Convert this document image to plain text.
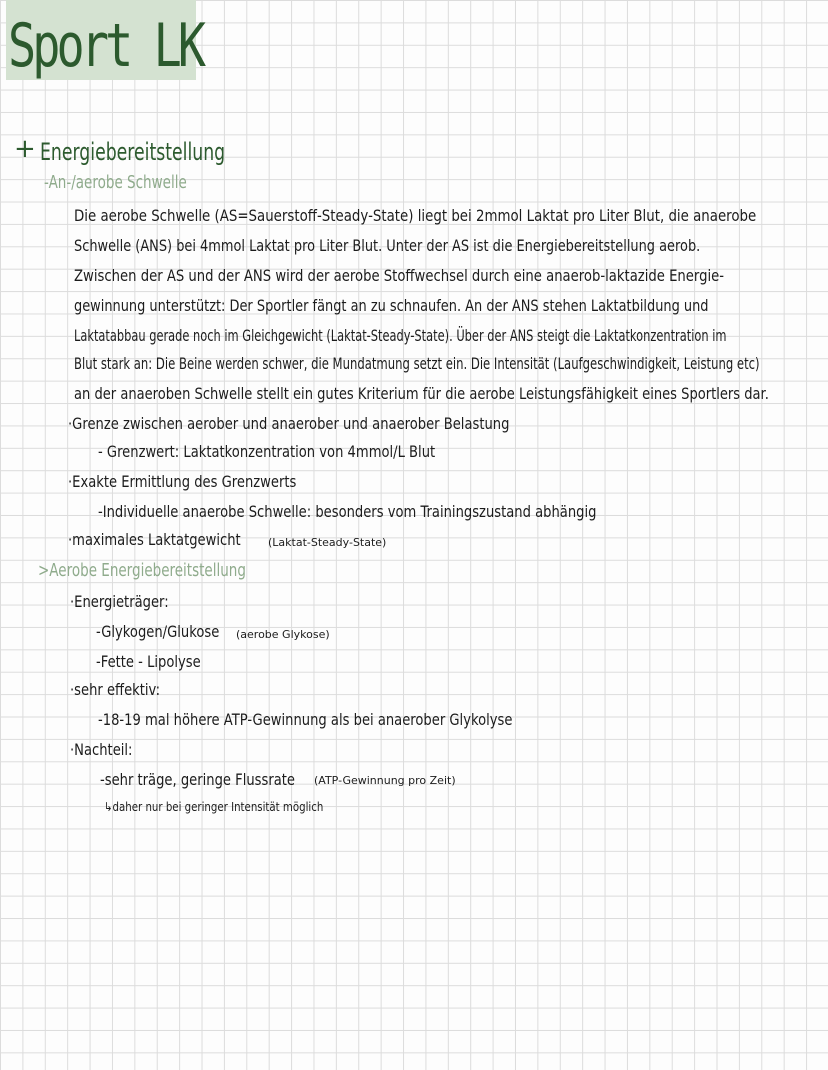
Sport LK
+ Energiebereitstellung
-An-/aerobe Schwelle
Die aerobe Schwelle (AS=Sauerstoff-Steady-State) liegt bei 2mmol Laktat pro Liter Blut, die anaerobe
Schwelle (ANS) bei 4mmol Laktat pro Liter Blut. Unter der AS ist die Energiebereitstellung aerob.
Zwischen der AS und der ANS wird der aerobe Stoffwechsel durch eine anaerob-laktazide Energie-
gewinnung unterstützt: Der Sportler fängt an zu schnaufen. An der ANS stehen Laktatbildung und
Laktatabbau gerade noch im Gleichgewicht (Laktat-Steady-State). Über der ANS steigt die Laktatkonzentration im
Blut stark an: Die Beine werden schwer, die Mundatmung setzt ein. Die Intensität (Laufgeschwindigkeit, Leistung etc)
an der anaeroben Schwelle stellt ein gutes Kriterium für die aerobe Leistungsfähigkeit eines Sportlers dar.
·Grenze zwischen aerober und anaerober und anaerober Belastung
- Grenzwert: Laktatkonzentration von 4mmol/L Blut
·Exakte Ermittlung des Grenzwerts
-Individuelle anaerobe Schwelle: besonders vom Trainingszustand abhängig
·maximales Laktatgewicht (Laktat-Steady-State)
>Aerobe Energiebereitstellung
·Energieträger:
-Glykogen/Glukose (aerobe Glykose)
-Fette - Lipolyse
·sehr effektiv:
-18-19 mal höhere ATP-Gewinnung als bei anaerober Glykolyse
·Nachteil:
-sehr träge, geringe Flussrate (ATP-Gewinnung pro Zeit)
↳daher nur bei geringer Intensität möglich
